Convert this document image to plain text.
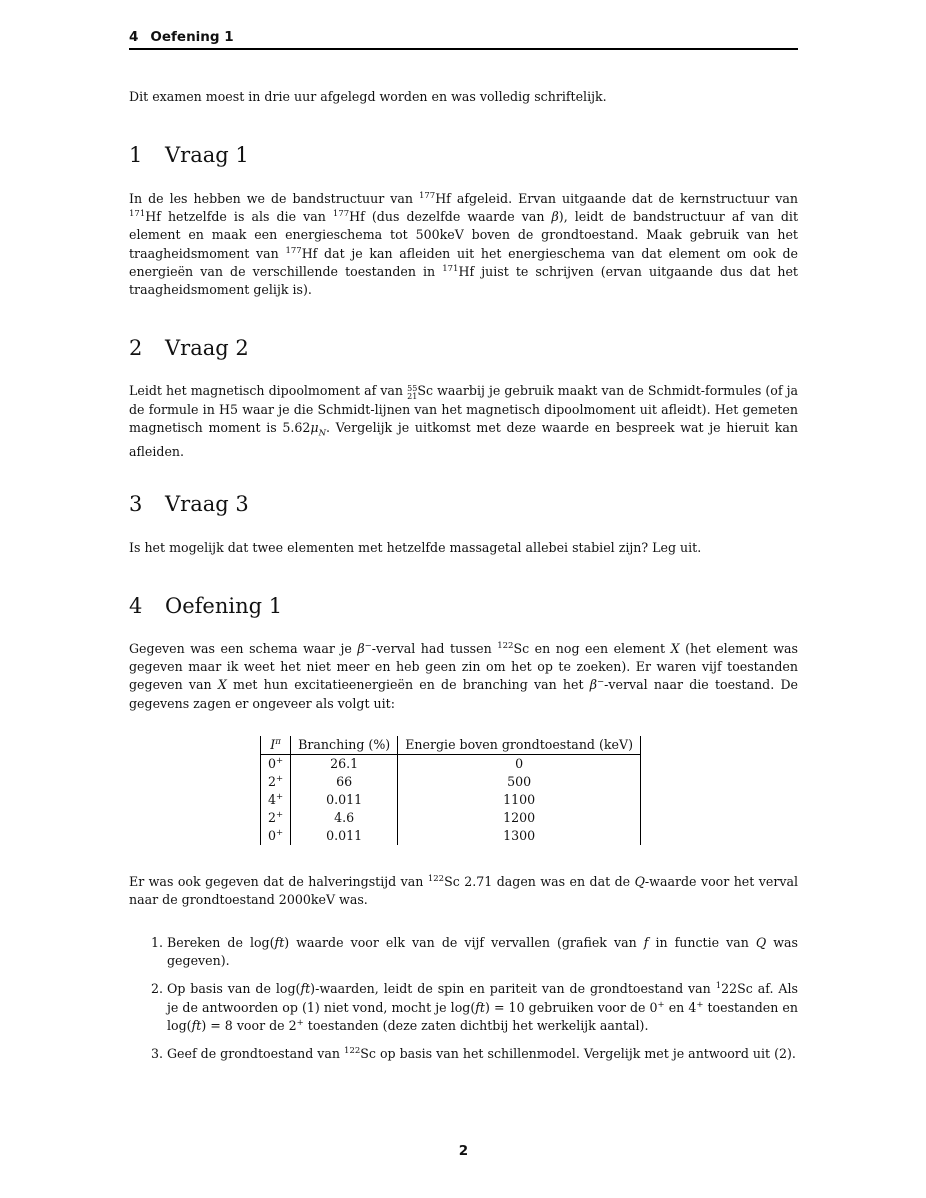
4 Oefening 1

Dit examen moest in drie uur afgelegd worden en was volledig schriftelijk.

1 Vraag 1

In de les hebben we de bandstructuur van $^{177}$Hf afgeleid. Ervan uitgaande dat de kernstructuur van $^{171}$Hf hetzelfde is als die van $^{177}$Hf (dus dezelfde waarde van β), leidt de bandstructuur af van dit element en maak een energieschema tot 500keV boven de grondtoestand. Maak gebruik van het traagheidsmoment van $^{177}$Hf dat je kan afleiden uit het energieschema van dat element om ook de energieën van de verschillende toestanden in $^{171}$Hf juist te schrijven (ervan uitgaande dus dat het traagheidsmoment gelijk is).

2 Vraag 2

Leidt het magnetisch dipoolmoment af van 55
21Sc waarbij je gebruik maakt van de Schmidt-formules (of ja de formule in H5 waar je die Schmidt-lijnen van het magnetisch dipoolmoment uit afleidt). Het gemeten magnetisch moment is $5.62\mu_N$. Vergelijk je uitkomst met deze waarde en bespreek wat je hieruit kan afleiden.

3 Vraag 3

Is het mogelijk dat twee elementen met hetzelfde massagetal allebei stabiel zijn? Leg uit.

4 Oefening 1

Gegeven was een schema waar je β−-verval had tussen $^{122}$Sc en nog een element X (het element was gegeven maar ik weet het niet meer en heb geen zin om het op te zoeken). Er waren vijf toestanden gegeven van X met hun excitatieenergieën en de branching van het β−-verval naar die toestand. De gegevens zagen er ongeveer als volgt uit:

$I^\pi$	Branching (%)	Energie boven grondtoestand (keV)
0+	26.1	0
2+	66	500
4+	0.011	1100
2+	4.6	1200
0+	0.011	1300

Er was ook gegeven dat de halveringstijd van $^{122}$Sc 2.71 dagen was en dat de Q-waarde voor het verval naar de grondtoestand 2000keV was.

1. Bereken de log(ft) waarde voor elk van de vijf vervallen (grafiek van f in functie van Q was gegeven).
2. Op basis van de log(ft)-waarden, leidt de spin en pariteit van de grondtoestand van $^1$22Sc af. Als je de antwoorden op (1) niet vond, mocht je log(ft) = 10 gebruiken voor de 0+ en 4+ toestanden en log(ft) = 8 voor de 2+ toestanden (deze zaten dichtbij het werkelijk aantal).
3. Geef de grondtoestand van $^{122}$Sc op basis van het schillenmodel. Vergelijk met je antwoord uit (2).
2
